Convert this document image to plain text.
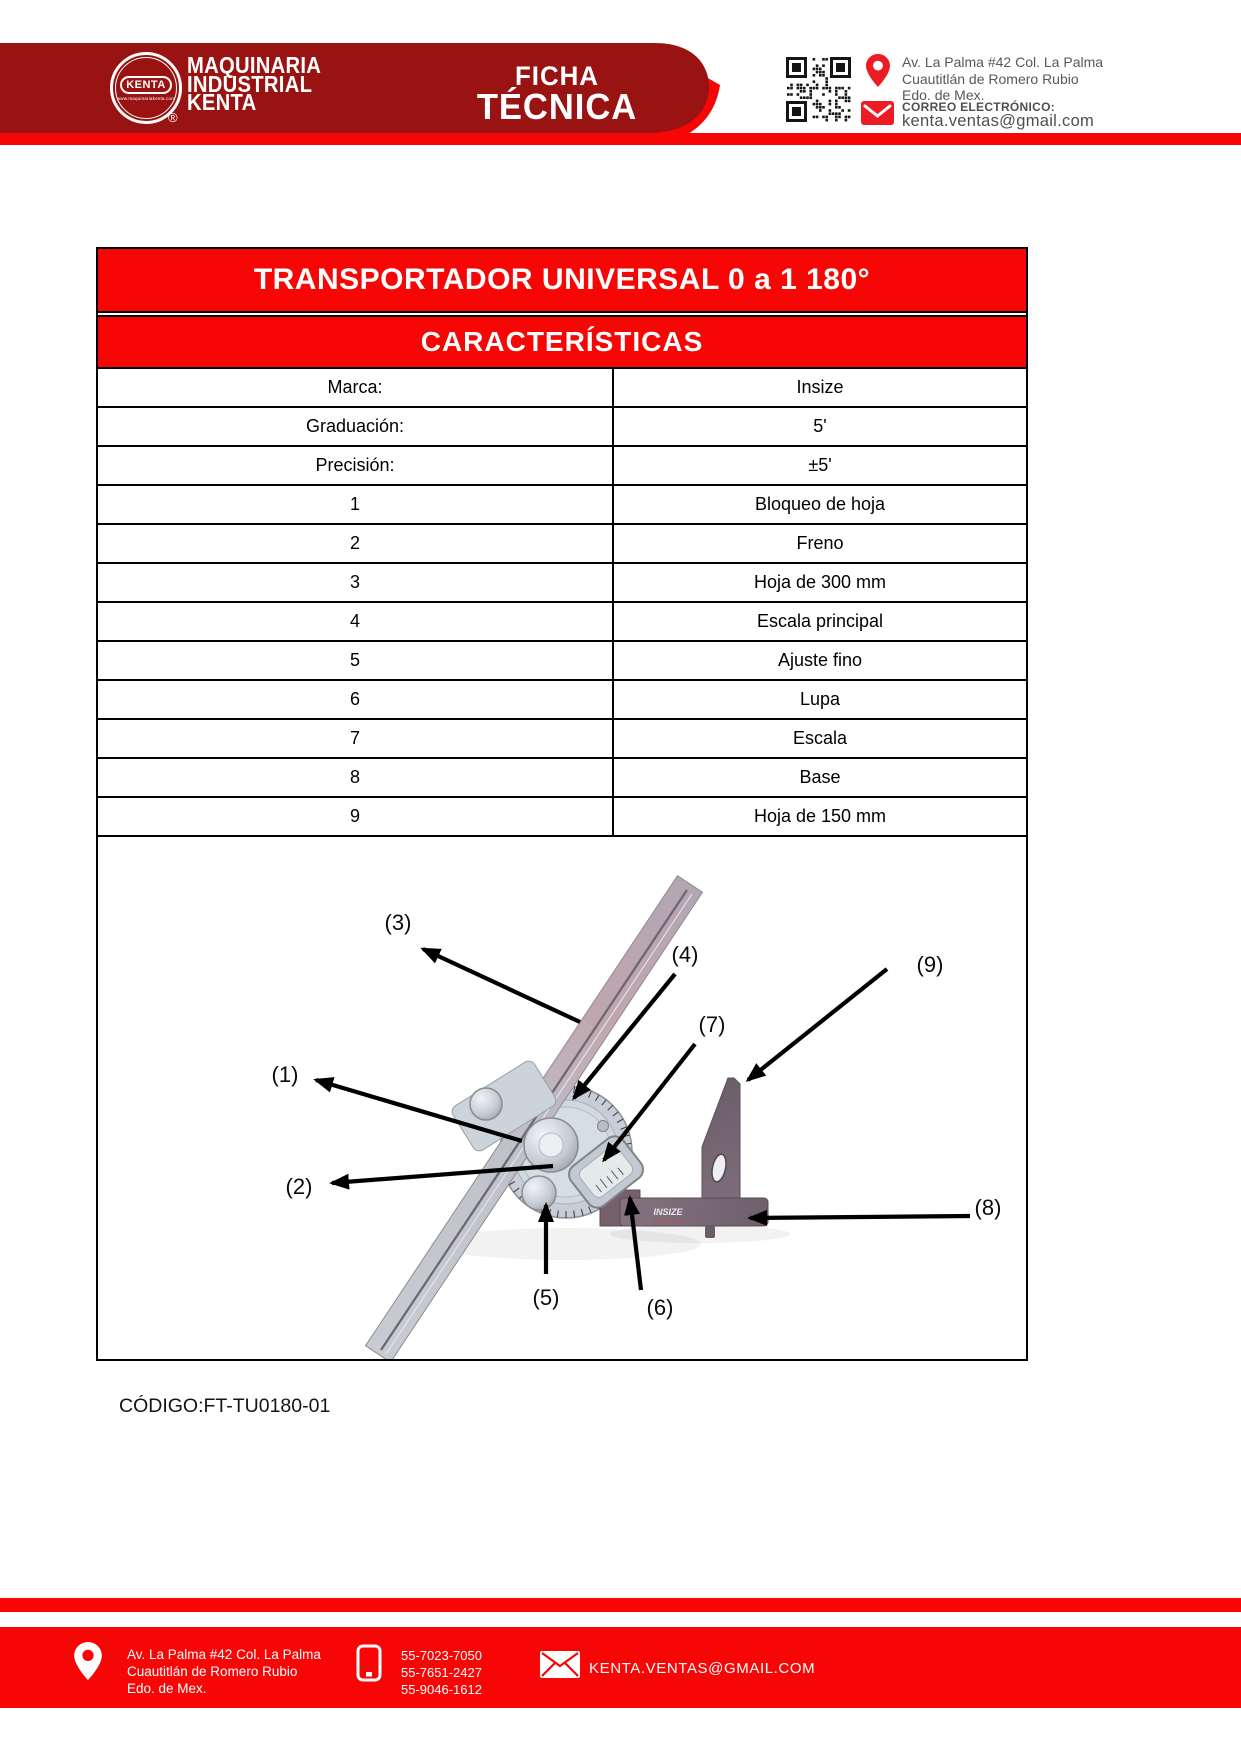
KENTA
www.maquinariakenta.com
®
MAQUINARIA
INDUSTRIAL
KENTA
FICHA
TÉCNICA
Av. La Palma #42 Col. La Palma
Cuautitlán de Romero Rubio
Edo. de Mex.
CORREO ELECTRÓNICO:
kenta.ventas@gmail.com
TRANSPORTADOR UNIVERSAL 0 a 1 180°
CARACTERÍSTICAS
Marca:	Insize
Graduación:	5'
Precisión:	±5'
1	Bloqueo de hoja
2	Freno
3	Hoja de 300 mm
4	Escala principal
5	Ajuste fino
6	Lupa
7	Escala
8	Base
9	Hoja de 150 mm
INSIZE
No.2372-200
(1)
(2)
(3)
(4)
(5)	(6)
(7)
(8)
(9)
CÓDIGO:FT-TU0180-01
Av. La Palma #42 Col. La Palma
Cuautitlán de Romero Rubio
Edo. de Mex.
55-7023-7050
55-7651-2427
55-9046-1612
KENTA.VENTAS@GMAIL.COM
